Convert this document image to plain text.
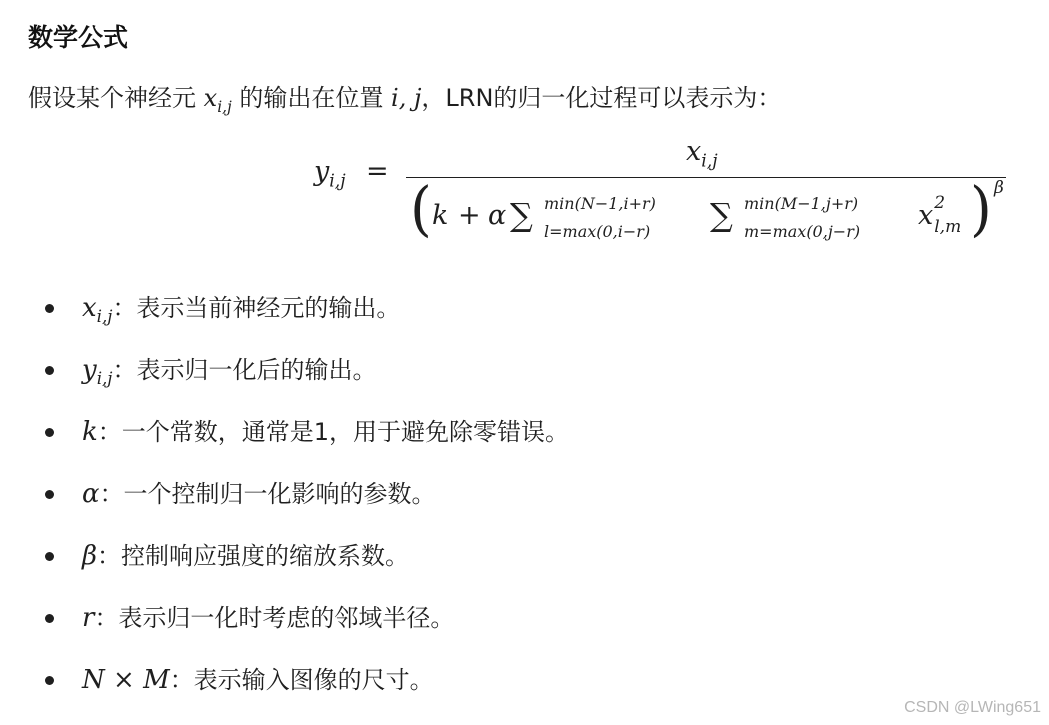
数学公式
假设某个神经元 $x_{i,j}$ 的输出在位置 i, j，LRN的归一化过程可以表示为：
$y_{i,j}$ =
$x_{i,j}$
( k + α ∑ min(N−1,i+r)
l=max(0,i−r) ∑ min(M−1,j+r)
m=max(0,j−r)
x 2
l,m ) β
$x_{i,j}$：表示当前神经元的输出。
$y_{i,j}$：表示归一化后的输出。
k：一个常数，通常是1，用于避免除零错误。
α：一个控制归一化影响的参数。
β：控制响应强度的缩放系数。
r：表示归一化时考虑的邻域半径。
N × M：表示输入图像的尺寸。
CSDN @LWing651
